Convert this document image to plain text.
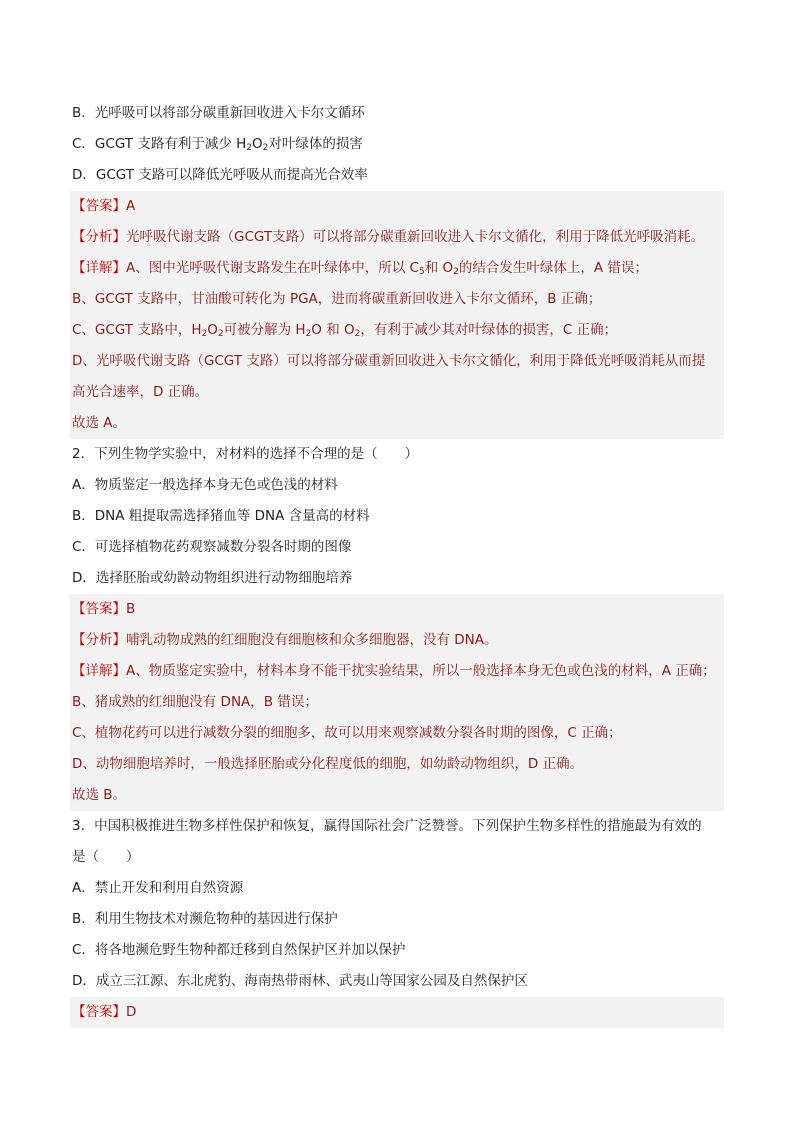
B．光呼吸可以将部分碳重新回收进入卡尔文循环
C．GCGT 支路有利于减少 $H_2O_2$对叶绿体的损害
D．GCGT 支路可以降低光呼吸从而提高光合效率
【答案】A
【分析】光呼吸代谢支路（GCGT支路）可以将部分碳重新回收进入卡尔文循化，利用于降低光呼吸消耗。
【详解】A、图中光呼吸代谢支路发生在叶绿体中，所以 $C_5$和 $O_2$的结合发生叶绿体上，A 错误；
B、GCGT 支路中，甘油酸可转化为 PGA，进而将碳重新回收进入卡尔文循环，B 正确；
C、GCGT 支路中，$H_2O_2$可被分解为 $H_2O$ 和 $O_2$，有利于减少其对叶绿体的损害，C 正确；
D、光呼吸代谢支路（GCGT 支路）可以将部分碳重新回收进入卡尔文循化，利用于降低光呼吸消耗从而提
高光合速率，D 正确。
故选 A。
2．下列生物学实验中，对材料的选择不合理的是（　　）
A．物质鉴定一般选择本身无色或色浅的材料
B．DNA 粗提取需选择猪血等 DNA 含量高的材料
C．可选择植物花药观察减数分裂各时期的图像
D．选择胚胎或幼龄动物组织进行动物细胞培养
【答案】B
【分析】哺乳动物成熟的红细胞没有细胞核和众多细胞器，没有 DNA。
【详解】A、物质鉴定实验中，材料本身不能干扰实验结果，所以一般选择本身无色或色浅的材料，A 正确；
B、猪成熟的红细胞没有 DNA，B 错误；
C、植物花药可以进行减数分裂的细胞多，故可以用来观察减数分裂各时期的图像，C 正确；
D、动物细胞培养时，一般选择胚胎或分化程度低的细胞，如幼龄动物组织，D 正确。
故选 B。
3．中国积极推进生物多样性保护和恢复，赢得国际社会广泛赞誉。下列保护生物多样性的措施最为有效的
是（　　）
A．禁止开发和利用自然资源
B．利用生物技术对濒危物种的基因进行保护
C．将各地濒危野生物种都迁移到自然保护区并加以保护
D．成立三江源、东北虎豹、海南热带雨林、武夷山等国家公园及自然保护区
【答案】D
